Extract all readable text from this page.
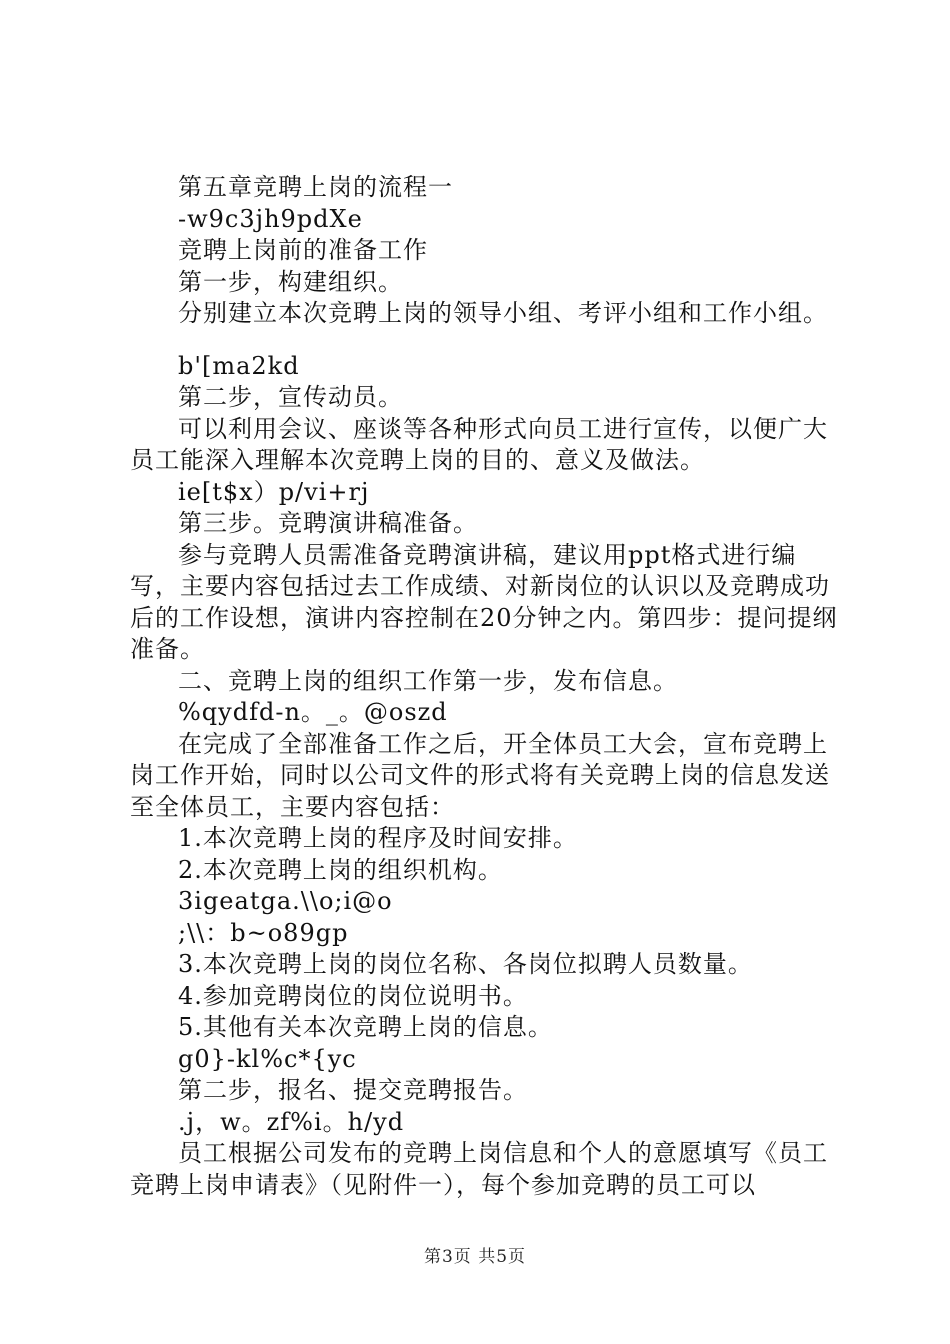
第五章竞聘上岗的流程一

-w9c3jh9pdXe

竞聘上岗前的准备工作

第一步，构建组织。

分别建立本次竞聘上岗的领导小组、考评小组和工作小组。

b'[ma2kd

第二步，宣传动员。

可以利用会议、座谈等各种形式向员工进行宣传，以便广大员工能深入理解本次竞聘上岗的目的、意义及做法。

ie[t$x）p/vi+rj

第三步。竞聘演讲稿准备。

参与竞聘人员需准备竞聘演讲稿，建议用ppt格式进行编写，主要内容包括过去工作成绩、对新岗位的认识以及竞聘成功后的工作设想，演讲内容控制在20分钟之内。第四步：提问提纲准备。

二、竞聘上岗的组织工作第一步，发布信息。

%qydfd-n。_。@oszd

在完成了全部准备工作之后，开全体员工大会，宣布竞聘上岗工作开始，同时以公司文件的形式将有关竞聘上岗的信息发送至全体员工，主要内容包括：

1.本次竞聘上岗的程序及时间安排。

2.本次竞聘上岗的组织机构。

3igeatga.\\o;i@o

;\\：b~o89gp

3.本次竞聘上岗的岗位名称、各岗位拟聘人员数量。

4.参加竞聘岗位的岗位说明书。

5.其他有关本次竞聘上岗的信息。

g0}-kl%c*{yc

第二步，报名、提交竞聘报告。

.j，w。zf%i。h/yd

员工根据公司发布的竞聘上岗信息和个人的意愿填写《员工竞聘上岗申请表》（见附件一），每个参加竞聘的员工可以

第3页 共5页
